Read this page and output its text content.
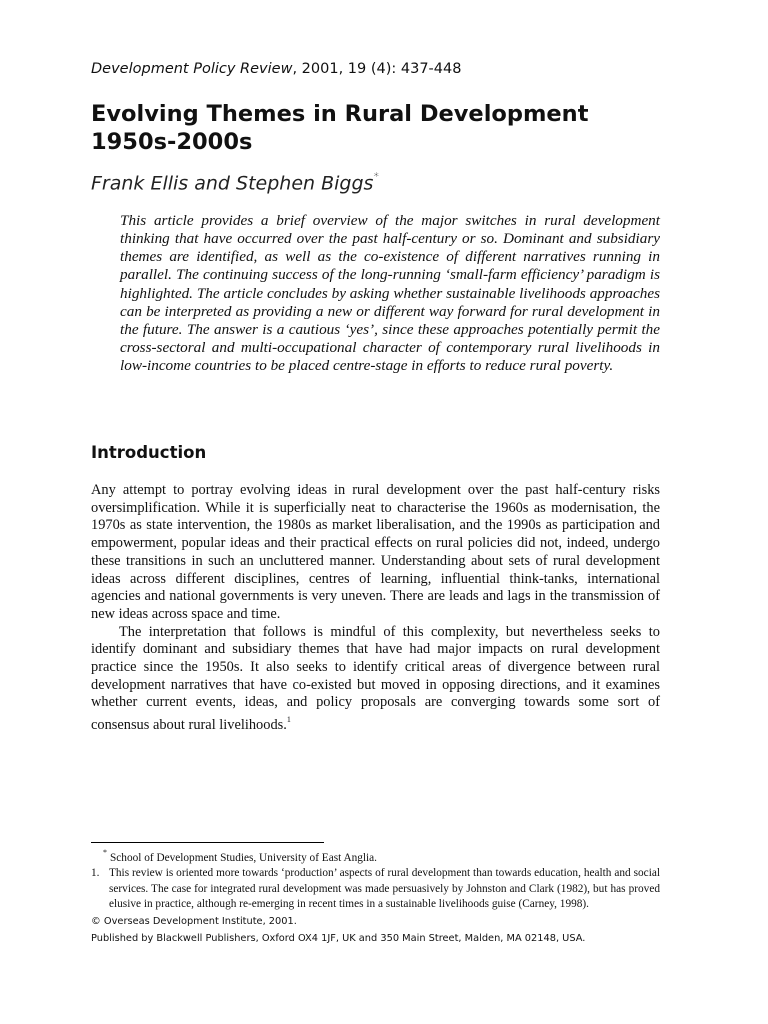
Development Policy Review, 2001, 19 (4): 437-448
Evolving Themes in Rural Development 1950s-2000s
Frank Ellis and Stephen Biggs*

This article provides a brief overview of the major switches in rural development thinking that have occurred over the past half-century or so. Dominant and subsidiary themes are identified, as well as the co-existence of different narratives running in parallel. The continuing success of the long-running ‘small-farm efficiency’ paradigm is highlighted. The article concludes by asking whether sustainable livelihoods approaches can be interpreted as providing a new or different way forward for rural development in the future. The answer is a cautious ‘yes’, since these approaches potentially permit the cross-sectoral and multi-occupational character of contemporary rural livelihoods in low-income countries to be placed centre-stage in efforts to reduce rural poverty.

Introduction

Any attempt to portray evolving ideas in rural development over the past half-century risks oversimplification. While it is superficially neat to characterise the 1960s as modernisation, the 1970s as state intervention, the 1980s as market liberalisation, and the 1990s as participation and empowerment, popular ideas and their practical effects on rural policies did not, indeed, undergo these transitions in such an uncluttered manner. Understanding about sets of rural development ideas across different disciplines, centres of learning, influential think-tanks, international agencies and national governments is very uneven. There are leads and lags in the transmission of new ideas across space and time.

The interpretation that follows is mindful of this complexity, but nevertheless seeks to identify dominant and subsidiary themes that have had major impacts on rural development practice since the 1950s. It also seeks to identify critical areas of divergence between rural development narratives that have co-existed but moved in opposing directions, and it examines whether current events, ideas, and policy proposals are converging towards some sort of consensus about rural livelihoods.$^1$

* School of Development Studies, University of East Anglia.
1. This review is oriented more towards ‘production’ aspects of rural development than towards education, health and social services. The case for integrated rural development was made persuasively by Johnston and Clark (1982), but has proved elusive in practice, although re-emerging in recent times in a sustainable livelihoods guise (Carney, 1998).
© Overseas Development Institute, 2001.
Published by Blackwell Publishers, Oxford OX4 1JF, UK and 350 Main Street, Malden, MA 02148, USA.
